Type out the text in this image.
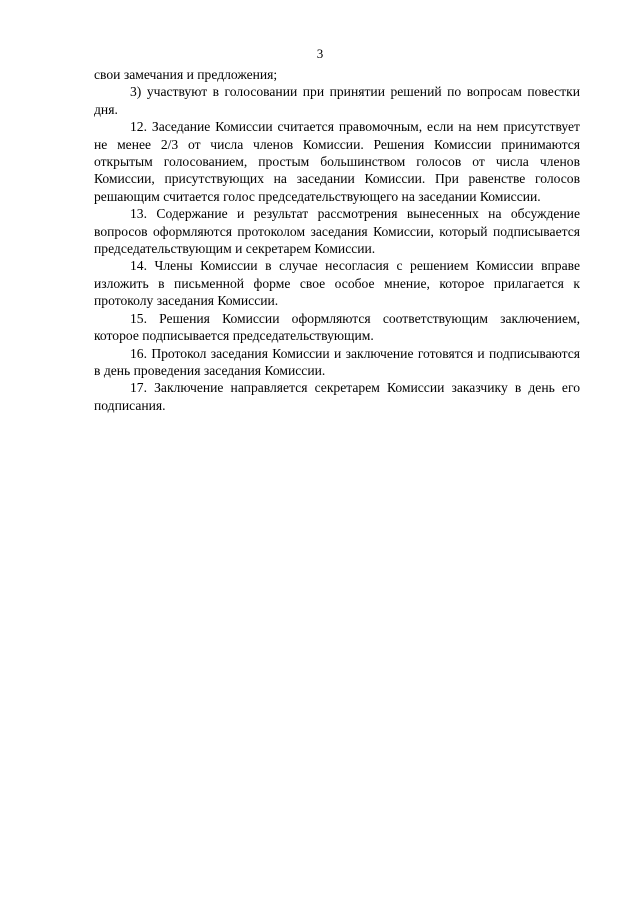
3

свои замечания и предложения;

3) участвуют в голосовании при принятии решений по вопросам повестки дня.

12. Заседание Комиссии считается правомочным, если на нем присутствует не менее 2/3 от числа членов Комиссии. Решения Комиссии принимаются открытым голосованием, простым большинством голосов от числа членов Комиссии, присутствующих на заседании Комиссии. При равенстве голосов решающим считается голос председательствующего на заседании Комиссии.

13. Содержание и результат рассмотрения вынесенных на обсуждение вопросов оформляются протоколом заседания Комиссии, который подписывается председательствующим и секретарем Комиссии.

14. Члены Комиссии в случае несогласия с решением Комиссии вправе изложить в письменной форме свое особое мнение, которое прилагается к протоколу заседания Комиссии.

15. Решения Комиссии оформляются соответствующим заключением, которое подписывается председательствующим.

16. Протокол заседания Комиссии и заключение готовятся и подписываются в день проведения заседания Комиссии.

17. Заключение направляется секретарем Комиссии заказчику в день его подписания.
